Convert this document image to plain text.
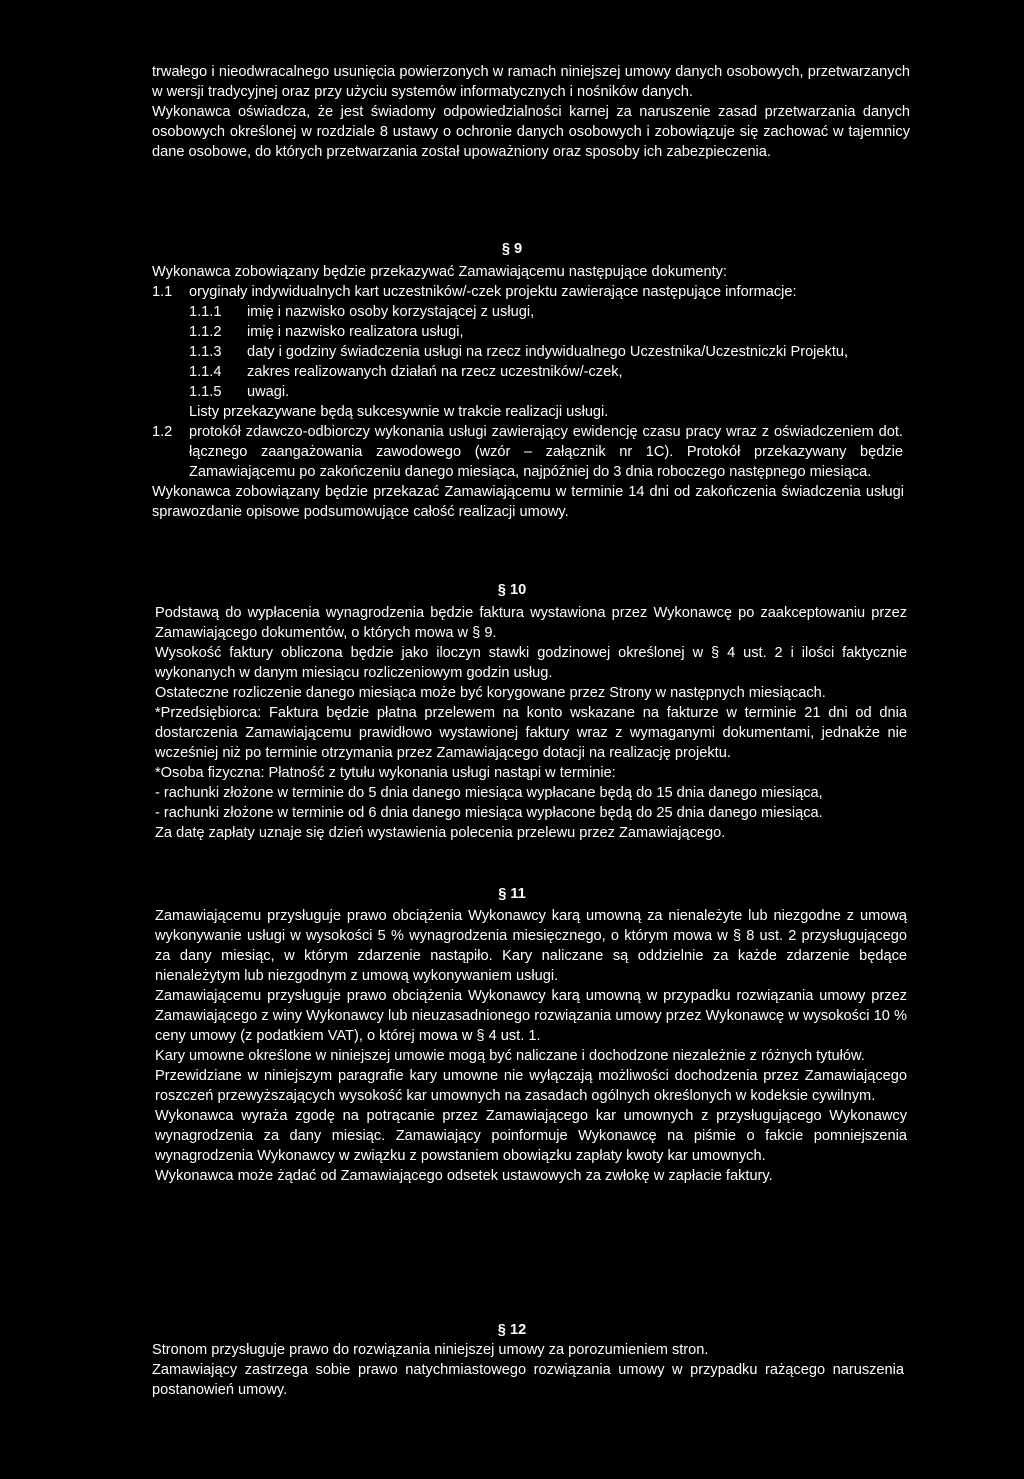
trwałego i nieodwracalnego usunięcia powierzonych w ramach niniejszej umowy danych osobowych, przetwarzanych w wersji tradycyjnej oraz przy użyciu systemów informatycznych i nośników danych.

Wykonawca oświadcza, że jest świadomy odpowiedzialności karnej za naruszenie zasad przetwarzania danych osobowych określonej w rozdziale 8 ustawy o ochronie danych osobowych i zobowiązuje się zachować w tajemnicy dane osobowe, do których przetwarzania został upoważniony oraz sposoby ich zabezpieczenia.

§ 9

Wykonawca zobowiązany będzie przekazywać Zamawiającemu następujące dokumenty:

1.1	oryginały indywidualnych kart uczestników/-czek projektu zawierające następujące informacje:
1.1.1	imię i nazwisko osoby korzystającej z usługi,
1.1.2	imię i nazwisko realizatora usługi,
1.1.3	daty i godziny świadczenia usługi na rzecz indywidualnego Uczestnika/Uczestniczki Projektu,
1.1.4	zakres realizowanych działań na rzecz uczestników/-czek,
1.1.5	uwagi.

Listy przekazywane będą sukcesywnie w trakcie realizacji usługi.

1.2	protokół zdawczo-odbiorczy wykonania usługi zawierający ewidencję czasu pracy wraz z oświadczeniem dot. łącznego zaangażowania zawodowego (wzór – załącznik nr 1C). Protokół przekazywany będzie Zamawiającemu po zakończeniu danego miesiąca, najpóźniej do 3 dnia roboczego następnego miesiąca.

Wykonawca zobowiązany będzie przekazać Zamawiającemu w terminie 14 dni od zakończenia świadczenia usługi sprawozdanie opisowe podsumowujące całość realizacji umowy.

§ 10

Podstawą do wypłacenia wynagrodzenia będzie faktura wystawiona przez Wykonawcę po zaakceptowaniu przez Zamawiającego dokumentów, o których mowa w § 9.

Wysokość faktury obliczona będzie jako iloczyn stawki godzinowej określonej w § 4 ust. 2 i ilości faktycznie wykonanych w danym miesiącu rozliczeniowym godzin usług.

Ostateczne rozliczenie danego miesiąca może być korygowane przez Strony w następnych miesiącach.

*Przedsiębiorca: Faktura będzie płatna przelewem na konto wskazane na fakturze w terminie 21 dni od dnia dostarczenia Zamawiającemu prawidłowo wystawionej faktury wraz z wymaganymi dokumentami, jednakże nie wcześniej niż po terminie otrzymania przez Zamawiającego dotacji na realizację projektu.

*Osoba fizyczna: Płatność z tytułu wykonania usługi nastąpi w terminie:

- rachunki złożone w terminie do 5 dnia danego miesiąca wypłacane będą do 15 dnia danego miesiąca,

- rachunki złożone w terminie od 6 dnia danego miesiąca wypłacone będą do 25 dnia danego miesiąca.

Za datę zapłaty uznaje się dzień wystawienia polecenia przelewu przez Zamawiającego.

§ 11

Zamawiającemu przysługuje prawo obciążenia Wykonawcy karą umowną za nienależyte lub niezgodne z umową wykonywanie usługi w wysokości 5 % wynagrodzenia miesięcznego, o którym mowa w § 8 ust. 2 przysługującego za dany miesiąc, w którym zdarzenie nastąpiło. Kary naliczane są oddzielnie za każde zdarzenie będące nienależytym lub niezgodnym z umową wykonywaniem usługi.

Zamawiającemu przysługuje prawo obciążenia Wykonawcy karą umowną w przypadku rozwiązania umowy przez Zamawiającego z winy Wykonawcy lub nieuzasadnionego rozwiązania umowy przez Wykonawcę w wysokości 10 % ceny umowy (z podatkiem VAT), o której mowa w § 4 ust. 1.

Kary umowne określone w niniejszej umowie mogą być naliczane i dochodzone niezależnie z różnych tytułów.

Przewidziane w niniejszym paragrafie kary umowne nie wyłączają możliwości dochodzenia przez Zamawiającego roszczeń przewyższających wysokość kar umownych na zasadach ogólnych określonych w kodeksie cywilnym.

Wykonawca wyraża zgodę na potrącanie przez Zamawiającego kar umownych z przysługującego Wykonawcy wynagrodzenia za dany miesiąc. Zamawiający poinformuje Wykonawcę na piśmie o fakcie pomniejszenia wynagrodzenia Wykonawcy w związku z powstaniem obowiązku zapłaty kwoty kar umownych.

Wykonawca może żądać od Zamawiającego odsetek ustawowych za zwłokę w zapłacie faktury.

§ 12

Stronom przysługuje prawo do rozwiązania niniejszej umowy za porozumieniem stron.

Zamawiający zastrzega sobie prawo natychmiastowego rozwiązania umowy w przypadku rażącego naruszenia postanowień umowy.
